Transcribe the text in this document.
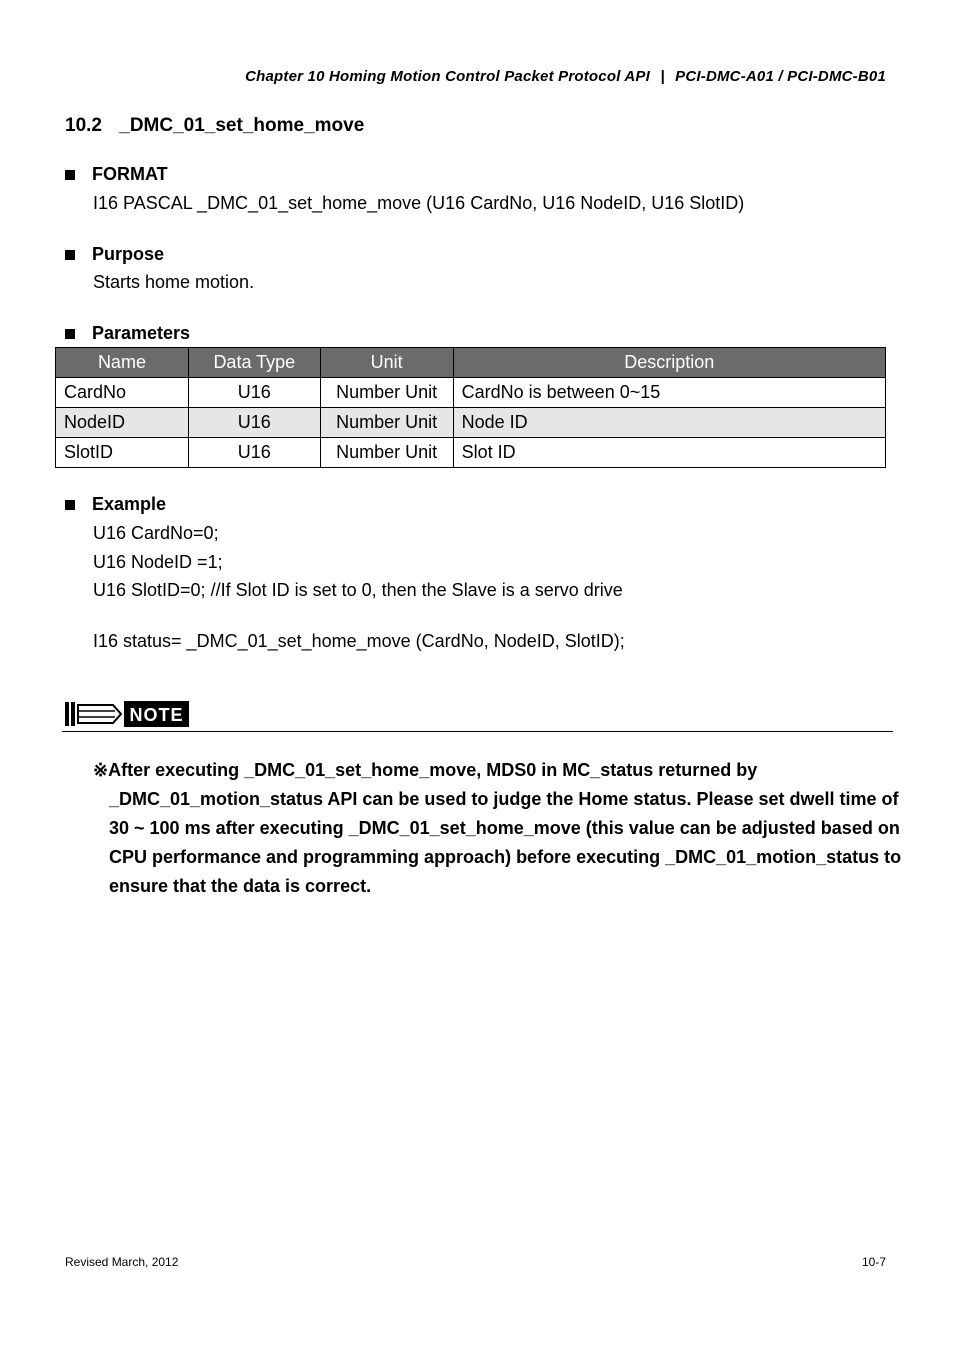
Chapter 10 Homing Motion Control Packet Protocol API | PCI-DMC-A01 / PCI-DMC-B01
10.2 _DMC_01_set_home_move
FORMAT
I16 PASCAL _DMC_01_set_home_move (U16 CardNo, U16 NodeID, U16 SlotID)
Purpose
Starts home motion.
Parameters
Name	Data Type	Unit	Description
CardNo	U16	Number Unit	CardNo is between 0~15
NodeID	U16	Number Unit	Node ID
SlotID	U16	Number Unit	Slot ID
Example
U16 CardNo=0;
U16 NodeID =1;
U16 SlotID=0; //If Slot ID is set to 0, then the Slave is a servo drive
I16 status= _DMC_01_set_home_move (CardNo, NodeID, SlotID);
NOTE
※After executing _DMC_01_set_home_move, MDS0 in MC_status returned by _DMC_01_motion_status API can be used to judge the Home status. Please set dwell time of 30 ~ 100 ms after executing _DMC_01_set_home_move (this value can be adjusted based on CPU performance and programming approach) before executing _DMC_01_motion_status to ensure that the data is correct.
Revised March, 2012	10-7
